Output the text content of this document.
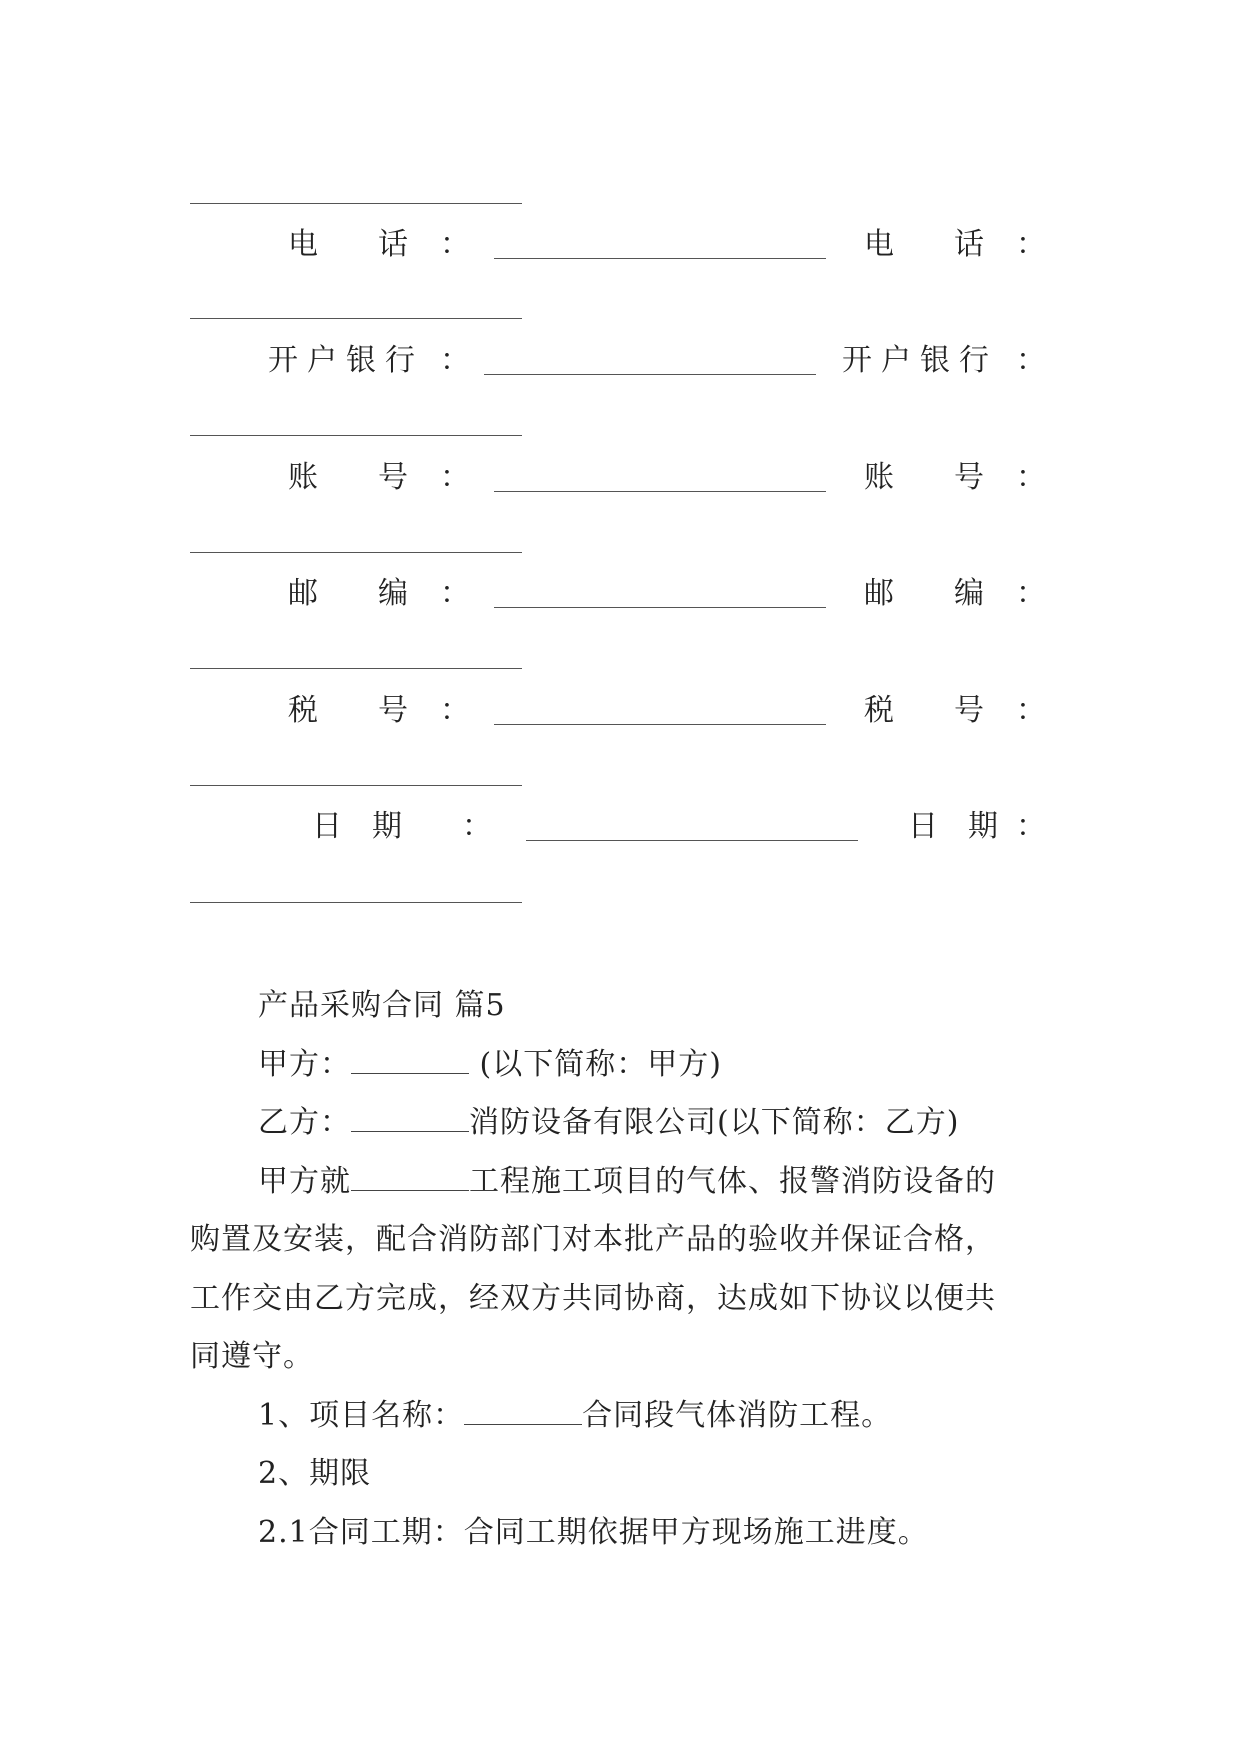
电　　话 ：	电　　话 ：
开户银行 ：	开户银行 ：
账　　号 ：	账　　号 ：
邮　　编 ：	邮　　编 ：
税　　号 ：	税　　号 ：
日　期 ：	日　期 ：
产品采购合同 篇5
甲方：	(以下简称：甲方)
乙方：	消防设备有限公司(以下简称：乙方)
甲方就	工程施工项目的气体、报警消防设备的
购置及安装，配合消防部门对本批产品的验收并保证合格，
工作交由乙方完成，经双方共同协商，达成如下协议以便共
同遵守。
1、项目名称：	合同段气体消防工程。
2、期限
2.1合同工期：合同工期依据甲方现场施工进度。
